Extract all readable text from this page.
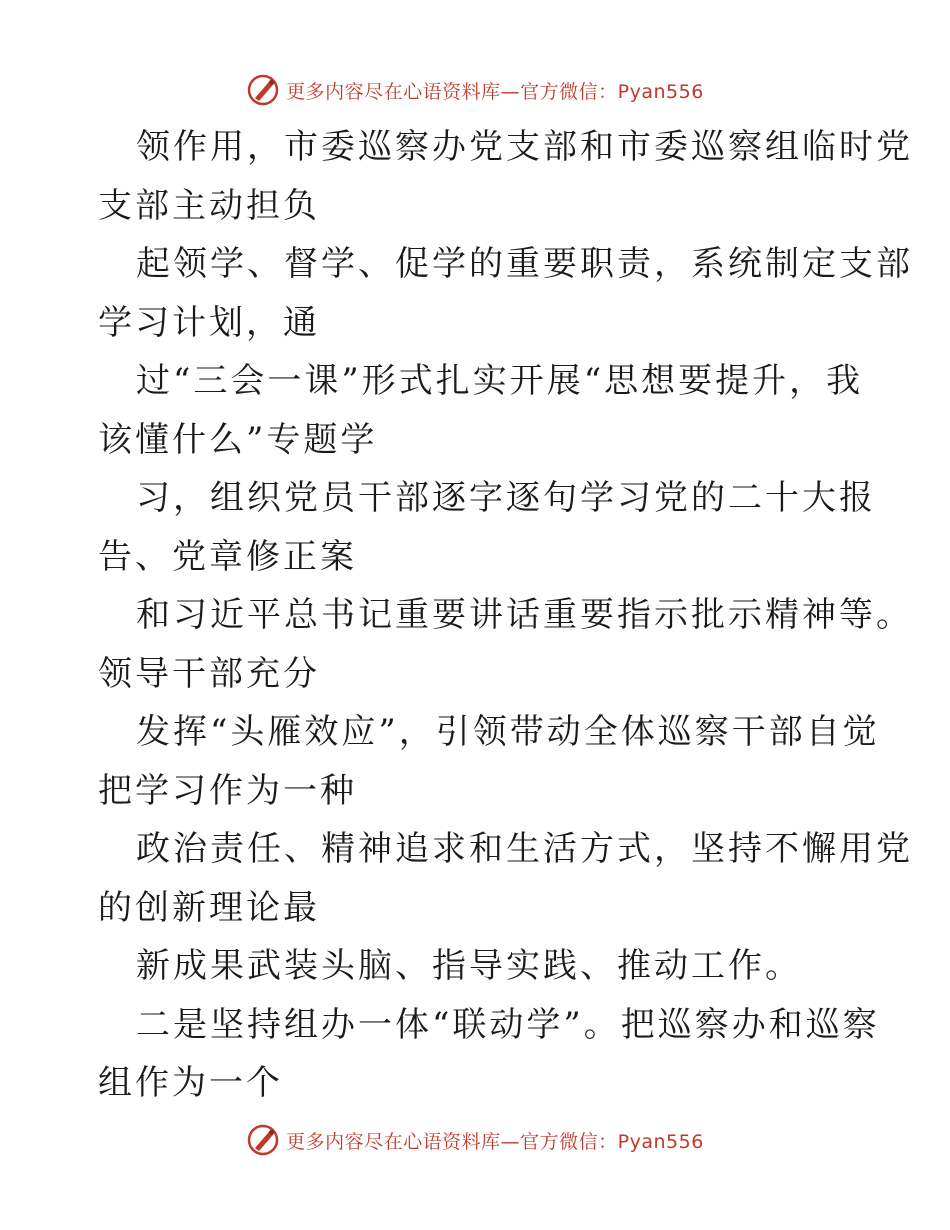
更多内容尽在心语资料库—官方微信：Pyan556
领作用，市委巡察办党支部和市委巡察组临时党
支部主动担负
起领学、督学、促学的重要职责，系统制定支部
学习计划，通
过“三会一课”形式扎实开展“思想要提升，我
该懂什么”专题学
习，组织党员干部逐字逐句学习党的二十大报
告、党章修正案
和习近平总书记重要讲话重要指示批示精神等。
领导干部充分
发挥“头雁效应”，引领带动全体巡察干部自觉
把学习作为一种
政治责任、精神追求和生活方式，坚持不懈用党
的创新理论最
新成果武装头脑、指导实践、推动工作。
二是坚持组办一体“联动学”。把巡察办和巡察
组作为一个
更多内容尽在心语资料库—官方微信：Pyan556
